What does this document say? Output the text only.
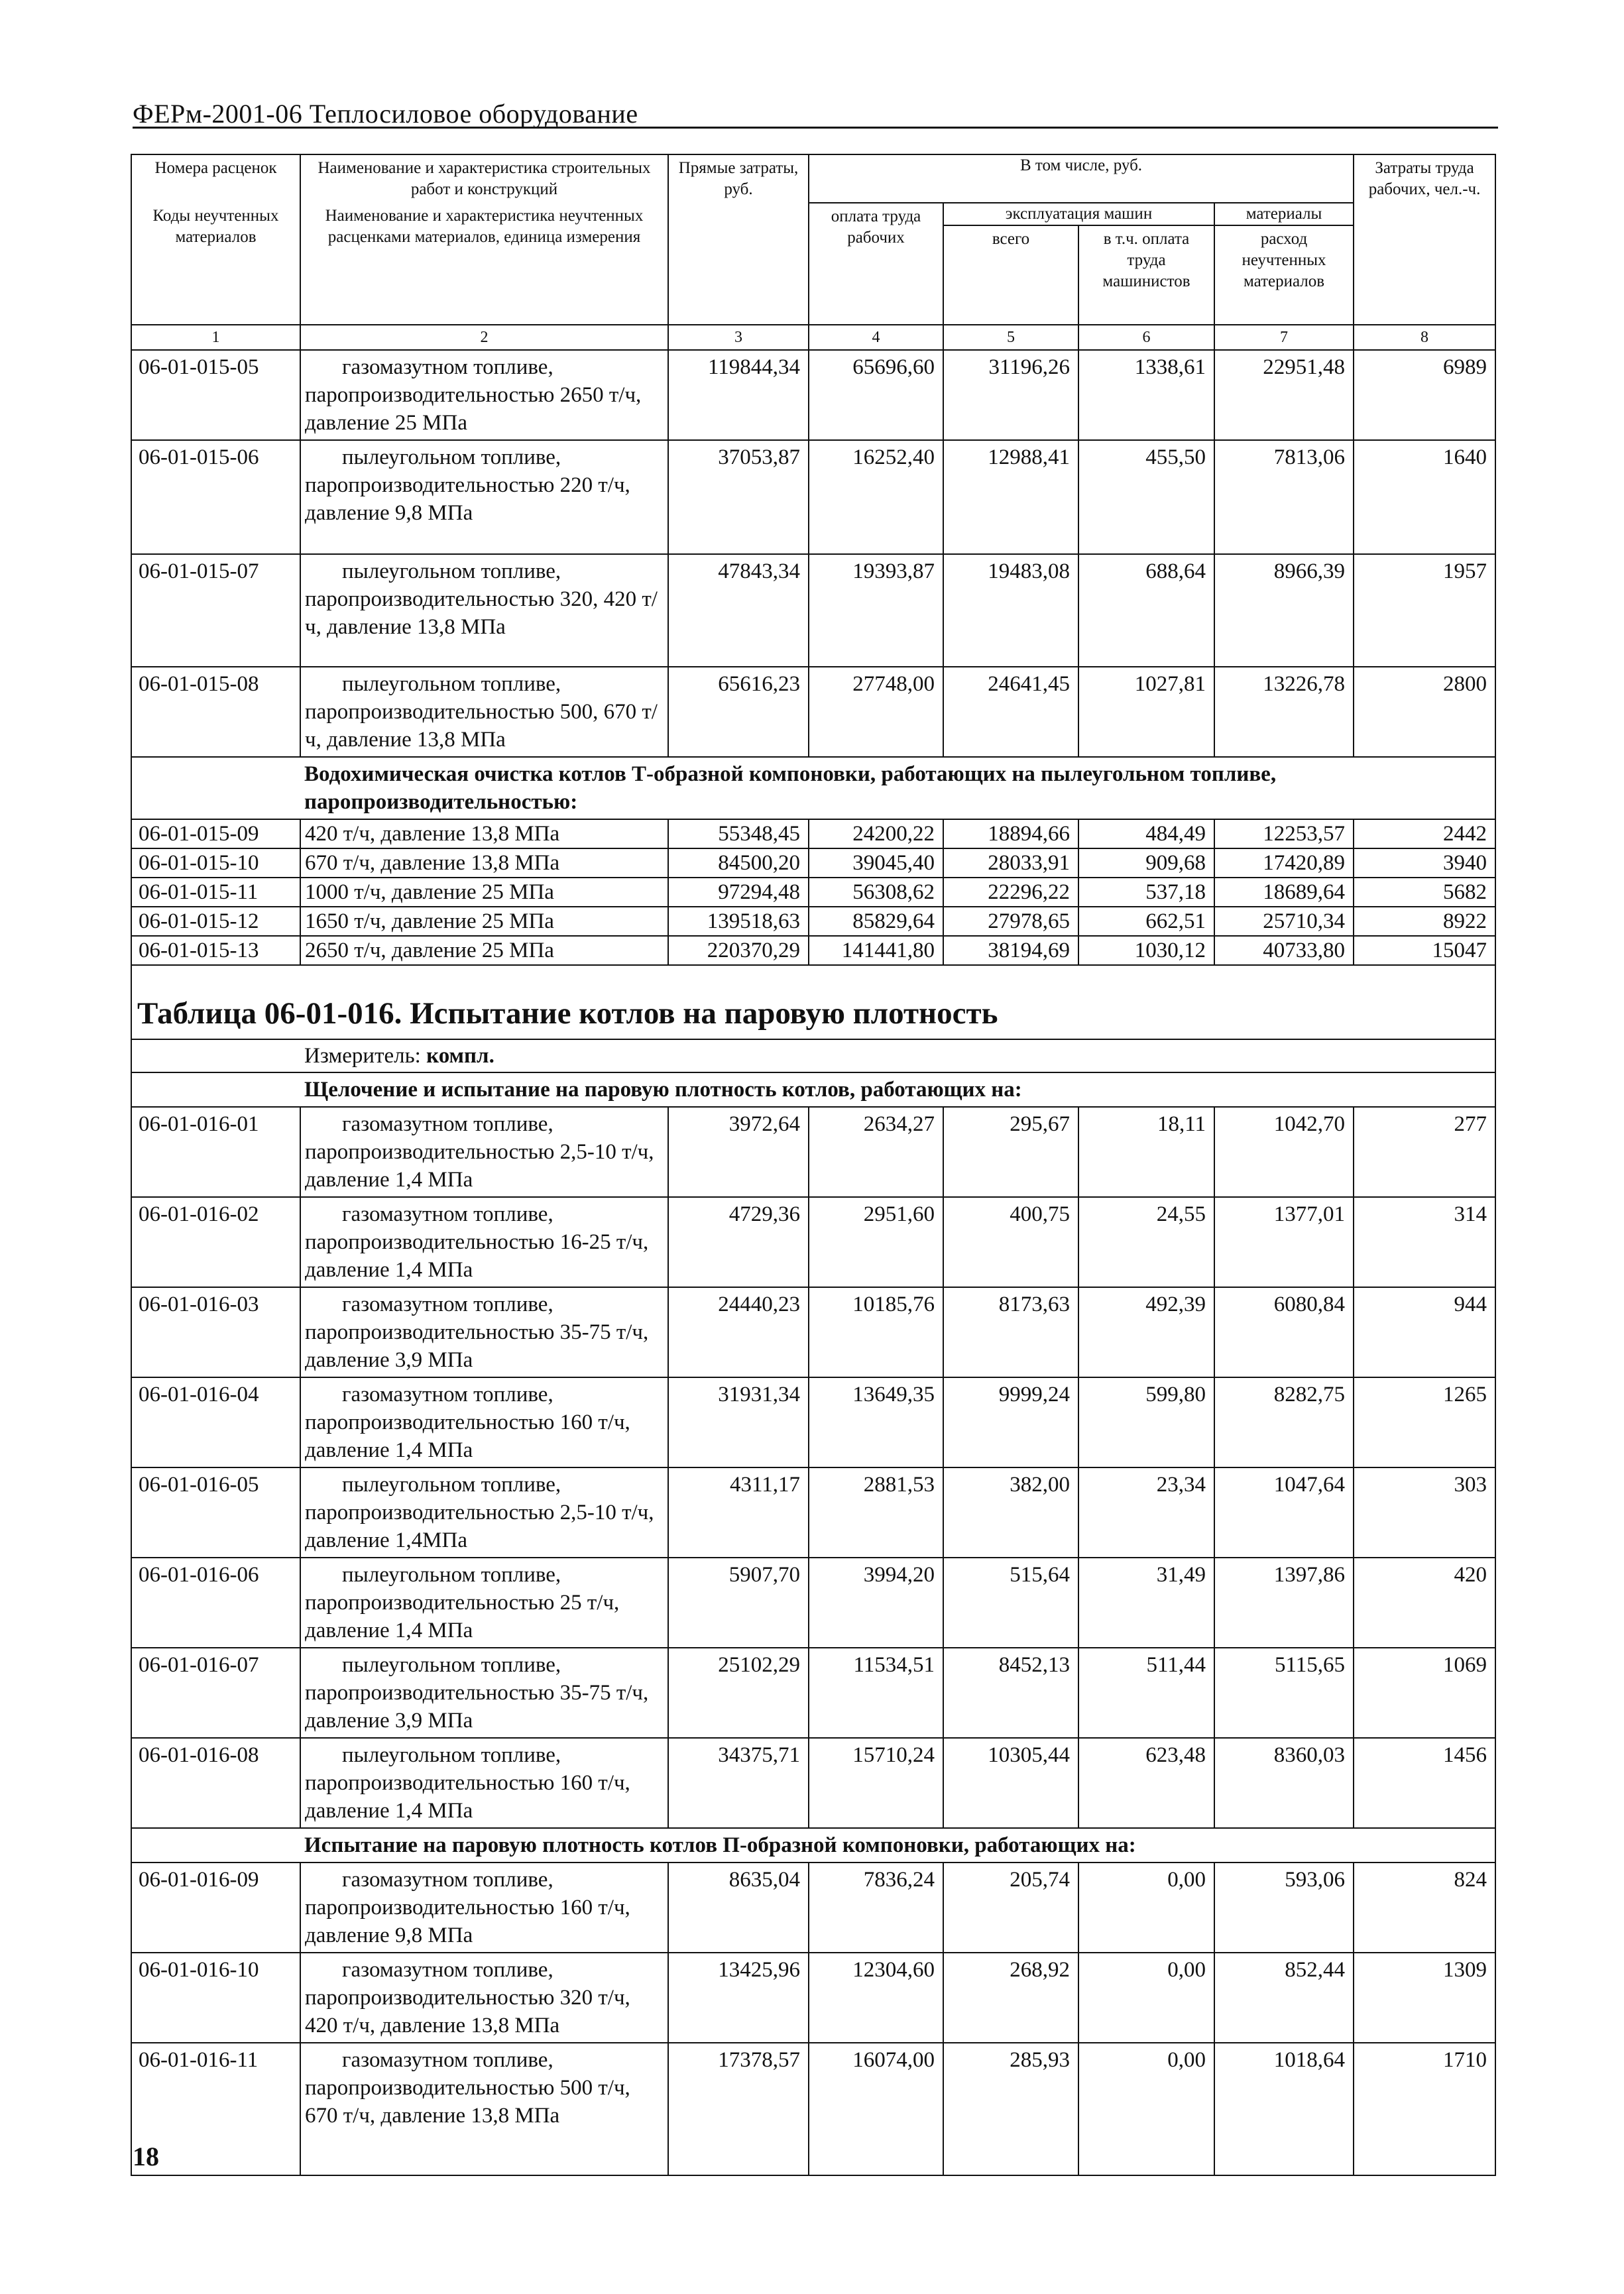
ФЕРм-2001-06 Теплосиловое оборудование
Номера расценок	Наименование и характеристика строительных работ и конструкций	Прямые затраты, руб.	В том числе, руб.				Затраты труда рабочих, чел.-ч.
Коды неучтенных материалов	Наименование и характеристика неучтенных расценками материалов, единица измерения		оплата труда рабочих	эксплуатация машин		материалы	
				всего	в т.ч. оплата труда машинистов	расход неучтенных материалов	
1	2	3	4	5	6	7	8
06-01-015-05	газомазутном топливе, паропроизводительностью 2650 т/ч, давление 25 МПа	119844,34	65696,60	31196,26	1338,61	22951,48	6989
06-01-015-06	пылеугольном топливе, паропроизводительностью 220 т/ч, давление 9,8 МПа	37053,87	16252,40	12988,41	455,50	7813,06	1640
06-01-015-07	пылеугольном топливе, паропроизводительностью 320, 420 т/ч, давление 13,8 МПа	47843,34	19393,87	19483,08	688,64	8966,39	1957
06-01-015-08	пылеугольном топливе, паропроизводительностью 500, 670 т/ч, давление 13,8 МПа	65616,23	27748,00	24641,45	1027,81	13226,78	2800
	Водохимическая очистка котлов Т-образной компоновки, работающих на пылеугольном топливе, паропроизводительностью:						
06-01-015-09	420 т/ч, давление 13,8 МПа	55348,45	24200,22	18894,66	484,49	12253,57	2442
06-01-015-10	670 т/ч, давление 13,8 МПа	84500,20	39045,40	28033,91	909,68	17420,89	3940
06-01-015-11	1000 т/ч, давление 25 МПа	97294,48	56308,62	22296,22	537,18	18689,64	5682
06-01-015-12	1650 т/ч, давление 25 МПа	139518,63	85829,64	27978,65	662,51	25710,34	8922
06-01-015-13	2650 т/ч, давление 25 МПа	220370,29	141441,80	38194,69	1030,12	40733,80	15047
Таблица 06-01-016. Испытание котлов на паровую плотность							
	Измеритель: компл.						
	Щелочение и испытание на паровую плотность котлов, работающих на:						
06-01-016-01	газомазутном топливе, паропроизводительностью 2,5-10 т/ч, давление 1,4 МПа	3972,64	2634,27	295,67	18,11	1042,70	277
06-01-016-02	газомазутном топливе, паропроизводительностью 16-25 т/ч, давление 1,4 МПа	4729,36	2951,60	400,75	24,55	1377,01	314
06-01-016-03	газомазутном топливе, паропроизводительностью 35-75 т/ч, давление 3,9 МПа	24440,23	10185,76	8173,63	492,39	6080,84	944
06-01-016-04	газомазутном топливе, паропроизводительностью 160 т/ч, давление 1,4 МПа	31931,34	13649,35	9999,24	599,80	8282,75	1265
06-01-016-05	пылеугольном топливе, паропроизводительностью 2,5-10 т/ч, давление 1,4МПа	4311,17	2881,53	382,00	23,34	1047,64	303
06-01-016-06	пылеугольном топливе, паропроизводительностью 25 т/ч, давление 1,4 МПа	5907,70	3994,20	515,64	31,49	1397,86	420
06-01-016-07	пылеугольном топливе, паропроизводительностью 35-75 т/ч, давление 3,9 МПа	25102,29	11534,51	8452,13	511,44	5115,65	1069
06-01-016-08	пылеугольном топливе, паропроизводительностью 160 т/ч, давление 1,4 МПа	34375,71	15710,24	10305,44	623,48	8360,03	1456
	Испытание на паровую плотность котлов П-образной компоновки, работающих на:						
06-01-016-09	газомазутном топливе, паропроизводительностью 160 т/ч, давление 9,8 МПа	8635,04	7836,24	205,74	0,00	593,06	824
06-01-016-10	газомазутном топливе, паропроизводительностью 320 т/ч, 420 т/ч, давление 13,8 МПа	13425,96	12304,60	268,92	0,00	852,44	1309
06-01-016-11	газомазутном топливе, паропроизводительностью 500 т/ч, 670 т/ч, давление 13,8 МПа	17378,57	16074,00	285,93	0,00	1018,64	1710
18
